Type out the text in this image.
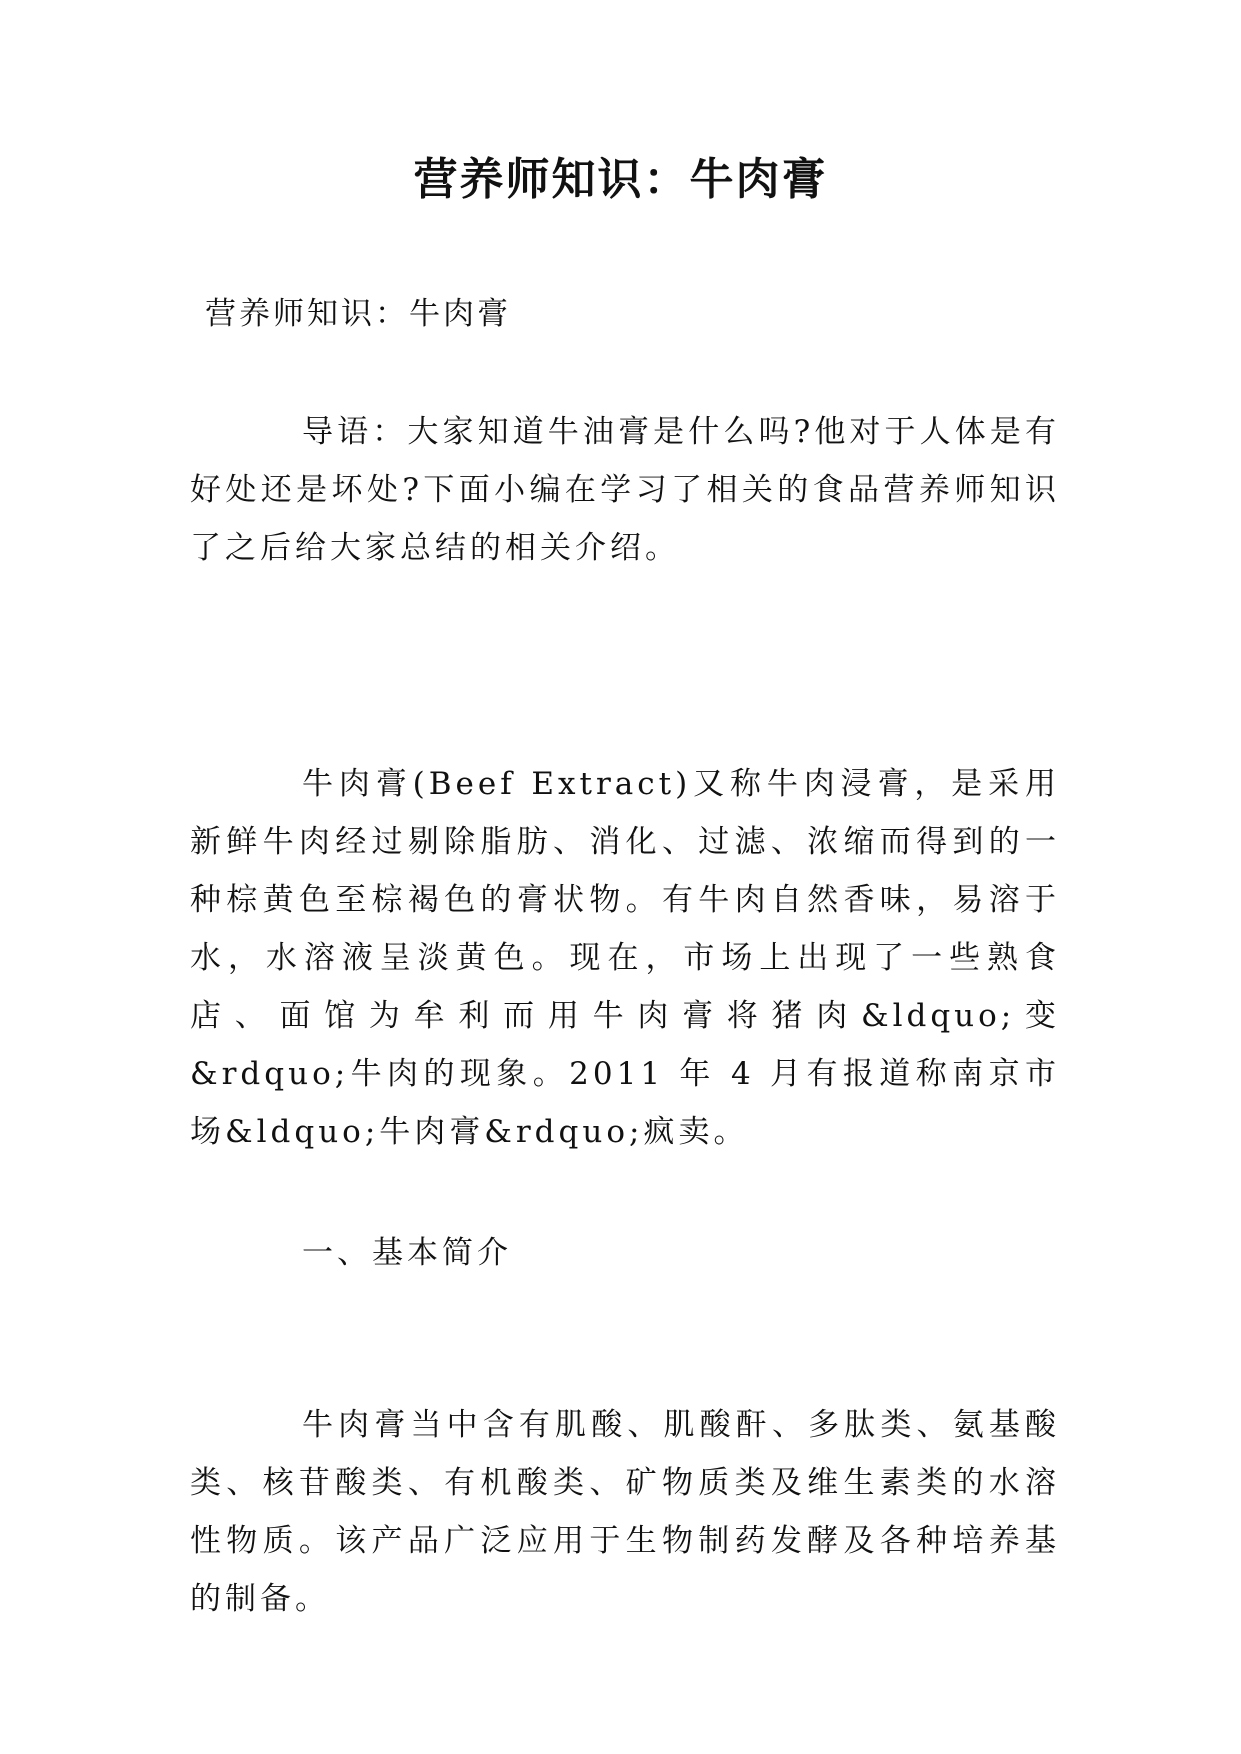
营养师知识：牛肉膏

营养师知识：牛肉膏

导语：大家知道牛油膏是什么吗?他对于人体是有好处还是坏处?下面小编在学习了相关的食品营养师知识了之后给大家总结的相关介绍。

牛肉膏(Beef Extract)又称牛肉浸膏，是采用新鲜牛肉经过剔除脂肪、消化、过滤、浓缩而得到的一种棕黄色至棕褐色的膏状物。有牛肉自然香味，易溶于水，水溶液呈淡黄色。现在，市场上出现了一些熟食店、面馆为牟利而用牛肉膏将猪肉&ldquo;变&rdquo;牛肉的现象。2011 年 4 月有报道称南京市场&ldquo;牛肉膏&rdquo;疯卖。

一、基本简介

牛肉膏当中含有肌酸、肌酸酐、多肽类、氨基酸类、核苷酸类、有机酸类、矿物质类及维生素类的水溶性物质。该产品广泛应用于生物制药发酵及各种培养基的制备。
